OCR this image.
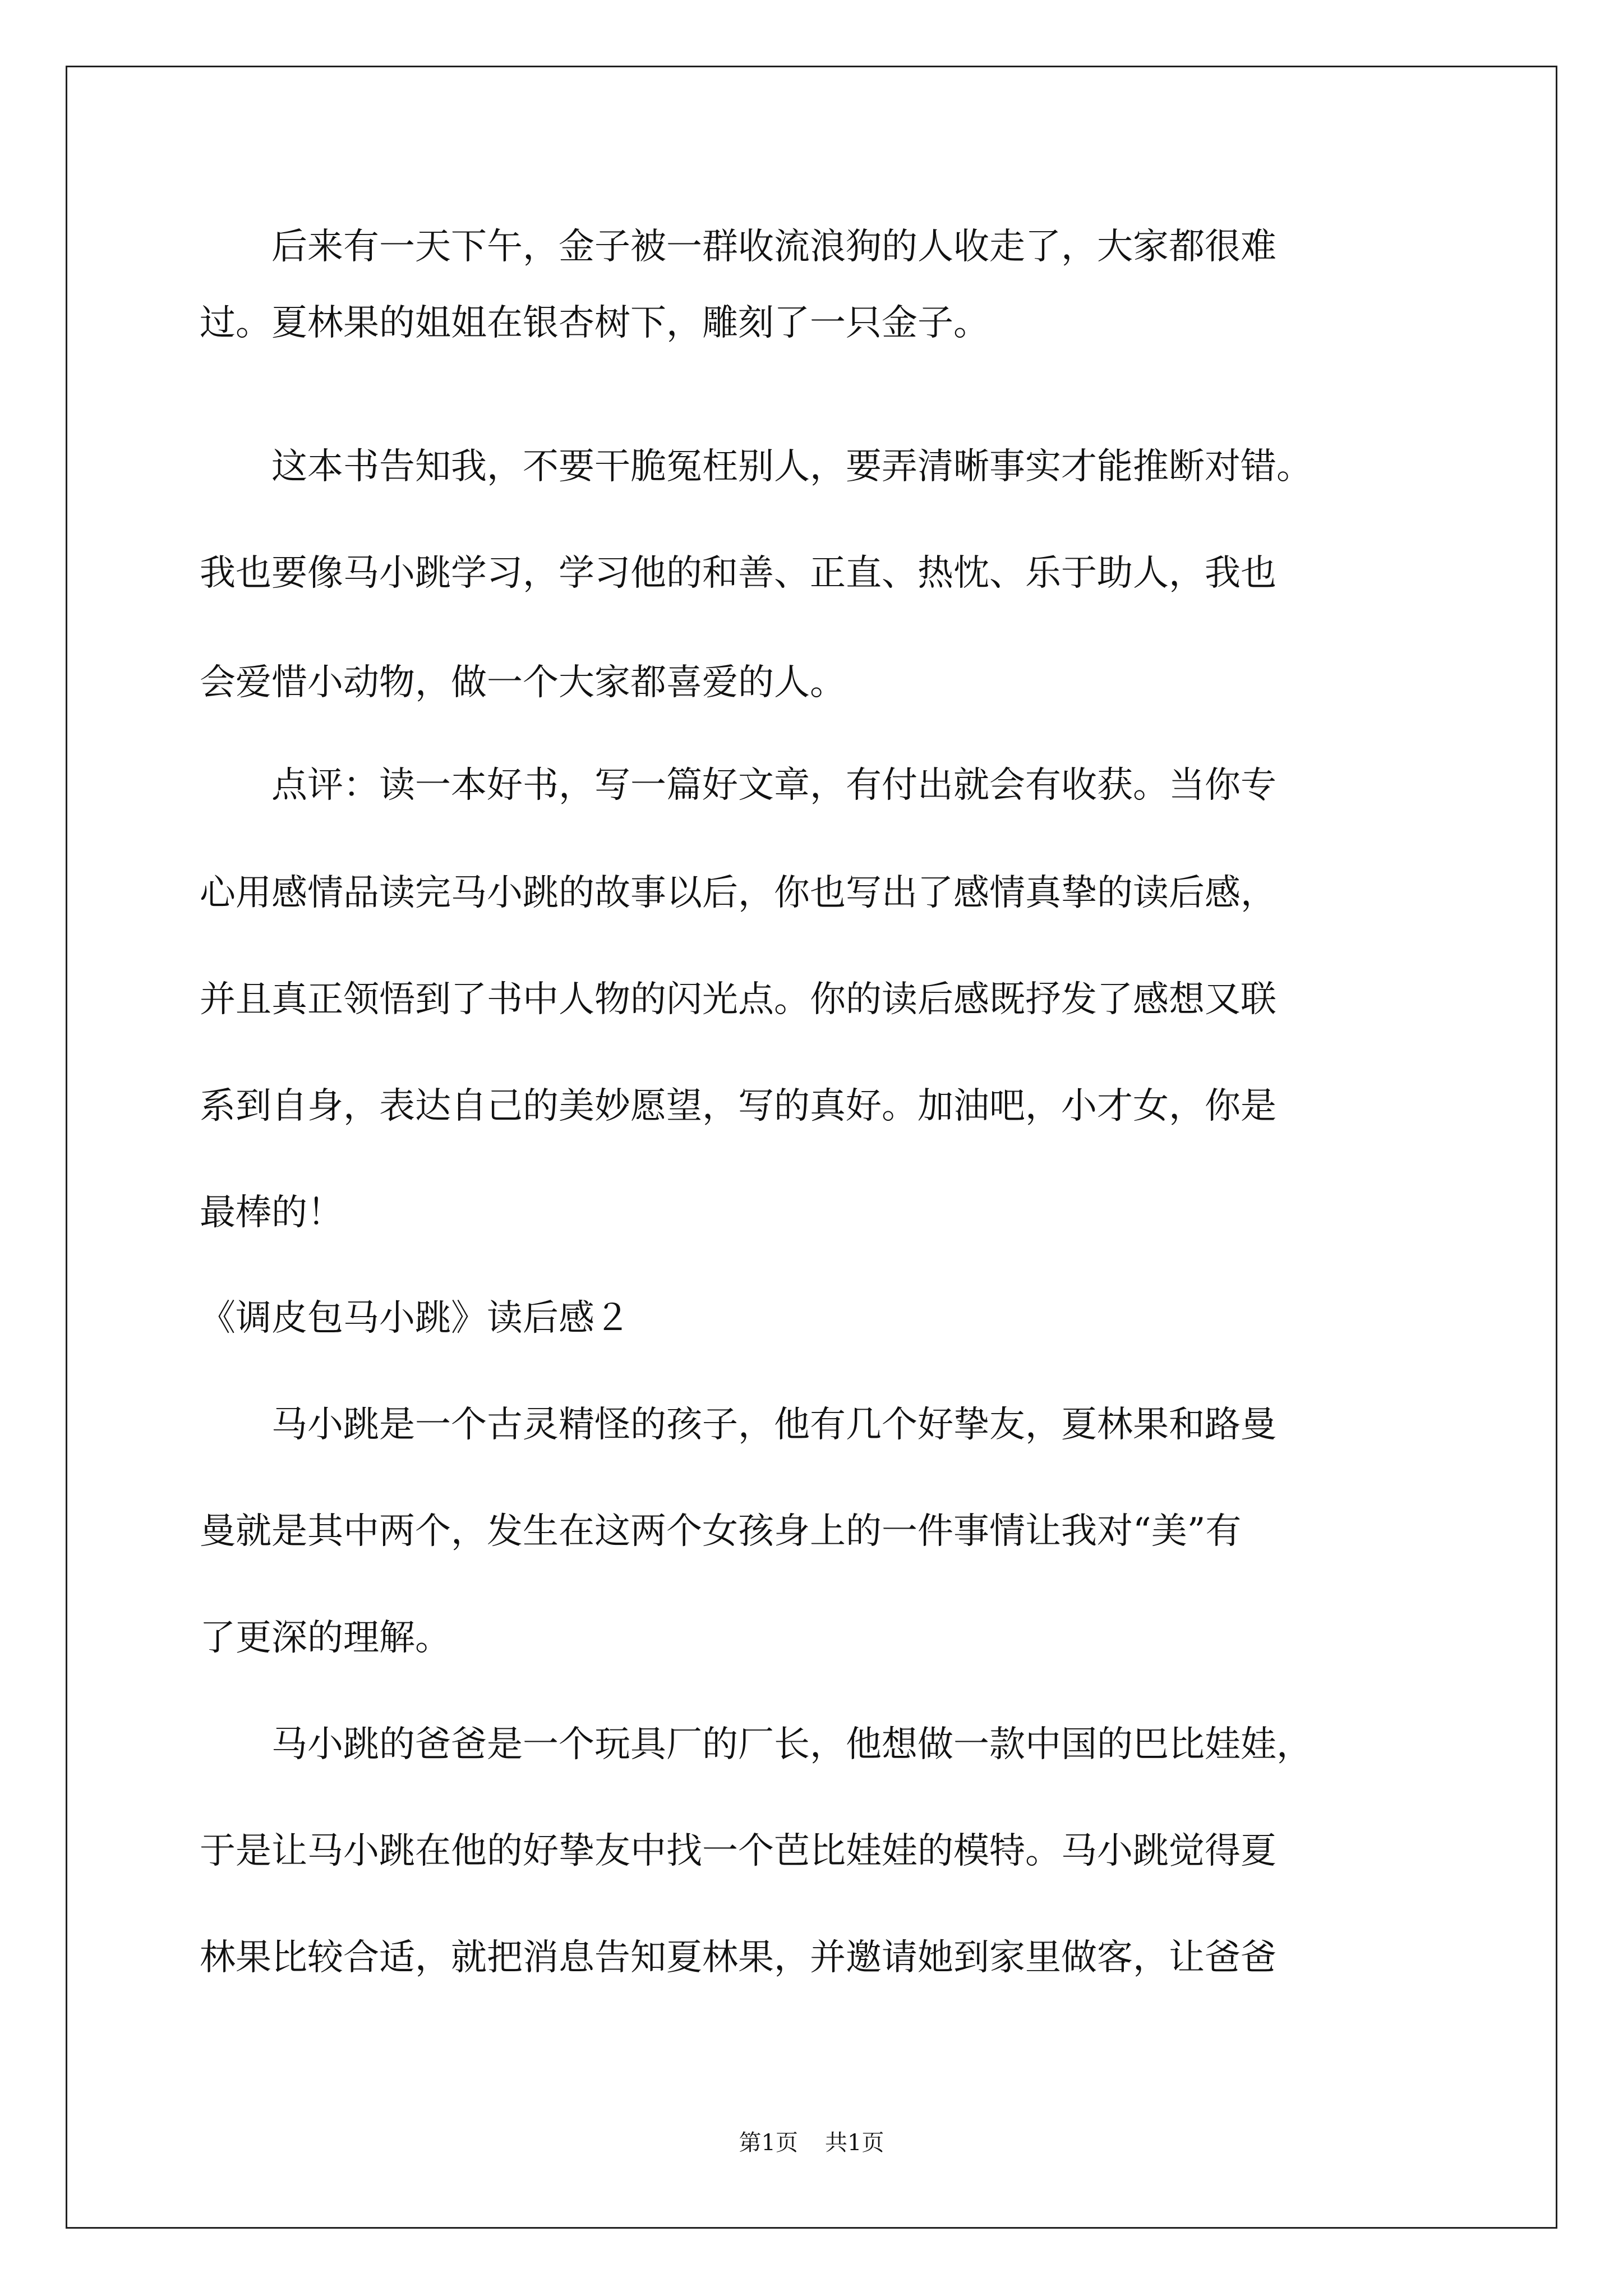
　　后来有一天下午，金子被一群收流浪狗的人收走了，大家都很难
过。夏林果的姐姐在银杏树下，雕刻了一只金子。
　　这本书告知我，不要干脆冤枉别人，要弄清晰事实才能推断对错。
我也要像马小跳学习，学习他的和善、正直、热忱、乐于助人，我也
会爱惜小动物，做一个大家都喜爱的人。
　　点评：读一本好书，写一篇好文章，有付出就会有收获。当你专
心用感情品读完马小跳的故事以后，你也写出了感情真挚的读后感，
并且真正领悟到了书中人物的闪光点。你的读后感既抒发了感想又联
系到自身，表达自己的美妙愿望，写的真好。加油吧，小才女，你是
最棒的！
《调皮包马小跳》读后感２
　　马小跳是一个古灵精怪的孩子，他有几个好挚友，夏林果和路曼
曼就是其中两个，发生在这两个女孩身上的一件事情让我对“美”有
了更深的理解。
　　马小跳的爸爸是一个玩具厂的厂长，他想做一款中国的巴比娃娃，
于是让马小跳在他的好挚友中找一个芭比娃娃的模特。马小跳觉得夏
林果比较合适，就把消息告知夏林果，并邀请她到家里做客，让爸爸
第1页 共1页
